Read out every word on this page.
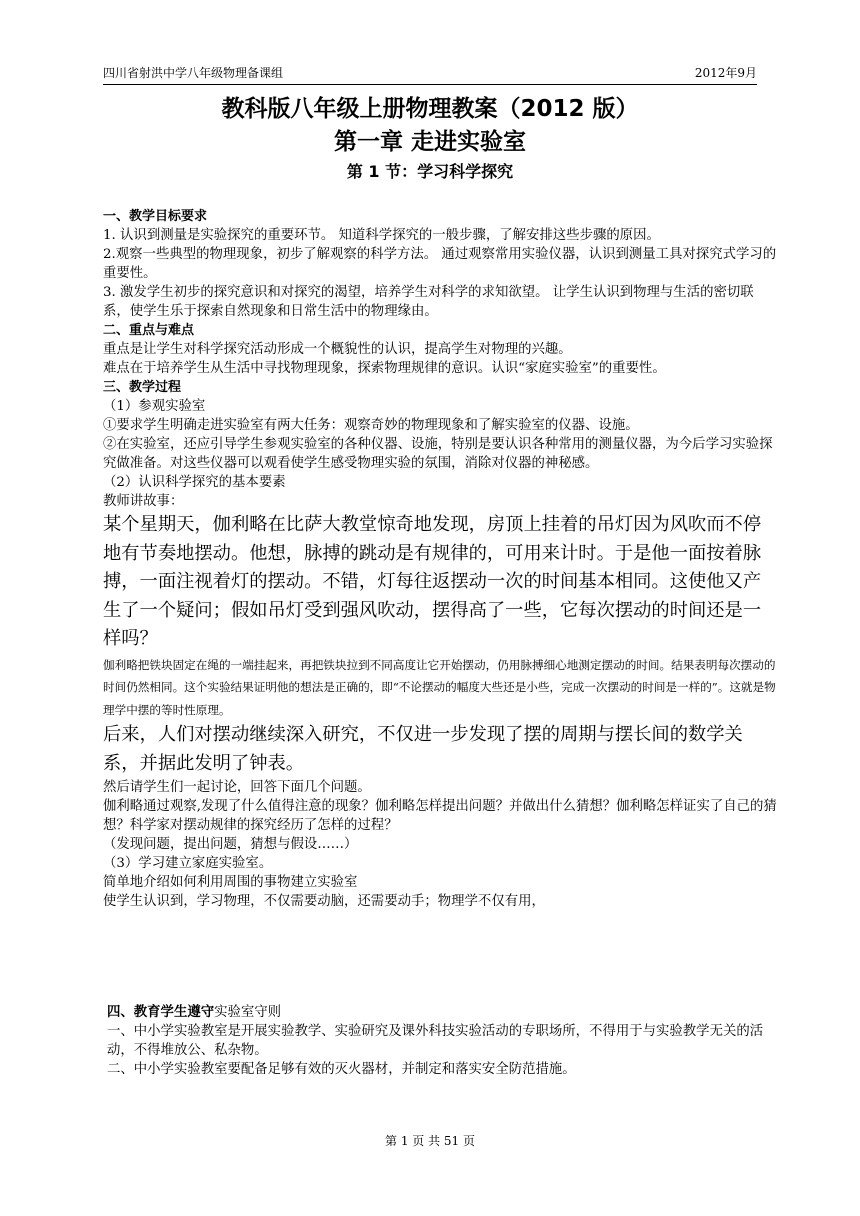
四川省射洪中学八年级物理备课组	2012年9月
教科版八年级上册物理教案（2012 版）
第一章 走进实验室
第 1 节：学习科学探究

一、教学目标要求

1. 认识到测量是实验探究的重要环节。 知道科学探究的一般步骤，了解安排这些步骤的原因。

2.观察一些典型的物理现象，初步了解观察的科学方法。 通过观察常用实验仪器，认识到测量工具对探究式学习的重要性。

3. 激发学生初步的探究意识和对探究的渴望，培养学生对科学的求知欲望。 让学生认识到物理与生活的密切联系，使学生乐于探索自然现象和日常生活中的物理缘由。

二、重点与难点

重点是让学生对科学探究活动形成一个概貌性的认识，提高学生对物理的兴趣。

难点在于培养学生从生活中寻找物理现象，探索物理规律的意识。认识“家庭实验室”的重要性。

三、教学过程

（1）参观实验室

①要求学生明确走进实验室有两大任务：观察奇妙的物理现象和了解实验室的仪器、设施。

②在实验室，还应引导学生参观实验室的各种仪器、设施，特别是要认识各种常用的测量仪器，为今后学习实验探究做准备。对这些仪器可以观看使学生感受物理实验的氛围，消除对仪器的神秘感。

（2）认识科学探究的基本要素

教师讲故事：

某个星期天，伽利略在比萨大教堂惊奇地发现，房顶上挂着的吊灯因为风吹而不停地有节奏地摆动。他想，脉搏的跳动是有规律的，可用来计时。于是他一面按着脉搏，一面注视着灯的摆动。不错，灯每往返摆动一次的时间基本相同。这使他又产生了一个疑问；假如吊灯受到强风吹动，摆得高了一些，它每次摆动的时间还是一样吗？

伽利略把铁块固定在绳的一端挂起来，再把铁块拉到不同高度让它开始摆动，仍用脉搏细心地测定摆动的时间。结果表明每次摆动的时间仍然相同。这个实验结果证明他的想法是正确的，即“不论摆动的幅度大些还是小些，完成一次摆动的时间是一样的”。这就是物理学中摆的等时性原理。

后来，人们对摆动继续深入研究，不仅进一步发现了摆的周期与摆长间的数学关系，并据此发明了钟表。

然后请学生们一起讨论，回答下面几个问题。

伽利略通过观察,发现了什么值得注意的现象？伽利略怎样提出问题？并做出什么猜想？伽利略怎样证实了自己的猜想？科学家对摆动规律的探究经历了怎样的过程？

（发现问题，提出问题，猜想与假设……）

（3）学习建立家庭实验室。

简单地介绍如何利用周围的事物建立实验室

使学生认识到，学习物理，不仅需要动脑，还需要动手；物理学不仅有用，

四、教育学生遵守实验室守则

一、中小学实验教室是开展实验教学、实验研究及课外科技实验活动的专职场所，不得用于与实验教学无关的活动，不得堆放公、私杂物。

二、中小学实验教室要配备足够有效的灭火器材，并制定和落实安全防范措施。

第 1 页 共 51 页
